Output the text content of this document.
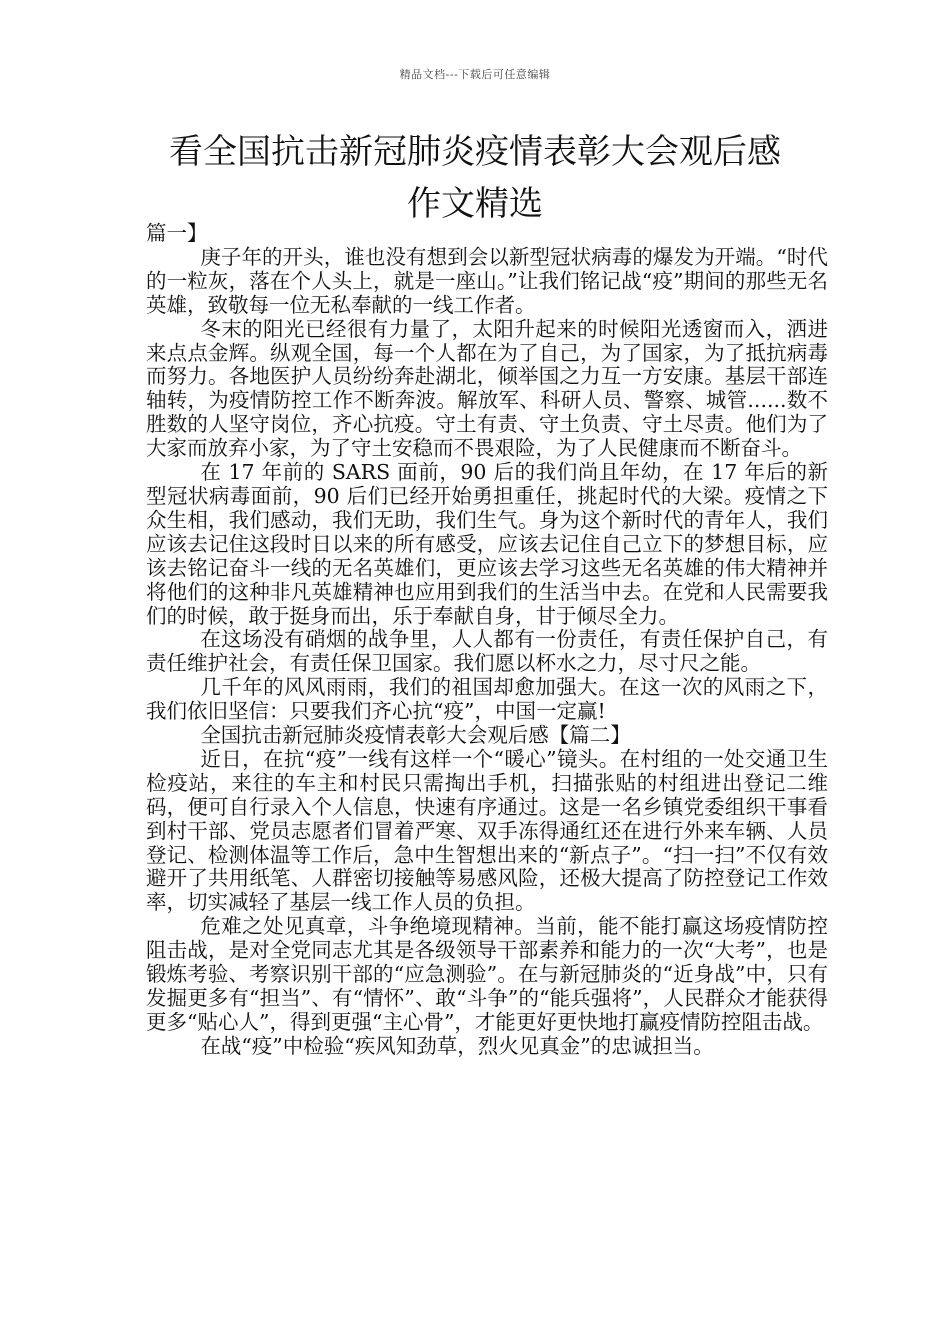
精品文档---下载后可任意编辑
看全国抗击新冠肺炎疫情表彰大会观后感
作文精选

篇一】

庚子年的开头，谁也没有想到会以新型冠状病毒的爆发为开端。“时代的一粒灰，落在个人头上，就是一座山。”让我们铭记战“疫”期间的那些无名英雄，致敬每一位无私奉献的一线工作者。

冬末的阳光已经很有力量了，太阳升起来的时候阳光透窗而入，洒进来点点金辉。纵观全国，每一个人都在为了自己，为了国家，为了抵抗病毒而努力。各地医护人员纷纷奔赴湖北，倾举国之力互一方安康。基层干部连轴转，为疫情防控工作不断奔波。解放军、科研人员、警察、城管......数不胜数的人坚守岗位，齐心抗疫。守土有责、守土负责、守土尽责。他们为了大家而放弃小家，为了守土安稳而不畏艰险，为了人民健康而不断奋斗。

在 17 年前的 SARS 面前，90 后的我们尚且年幼，在 17 年后的新型冠状病毒面前，90 后们已经开始勇担重任，挑起时代的大梁。疫情之下众生相，我们感动，我们无助，我们生气。身为这个新时代的青年人，我们应该去记住这段时日以来的所有感受，应该去记住自己立下的梦想目标，应该去铭记奋斗一线的无名英雄们，更应该去学习这些无名英雄的伟大精神并将他们的这种非凡英雄精神也应用到我们的生活当中去。在党和人民需要我们的时候，敢于挺身而出，乐于奉献自身，甘于倾尽全力。

在这场没有硝烟的战争里，人人都有一份责任，有责任保护自己，有责任维护社会，有责任保卫国家。我们愿以杯水之力，尽寸尺之能。

几千年的风风雨雨，我们的祖国却愈加强大。在这一次的风雨之下，我们依旧坚信：只要我们齐心抗“疫”，中国一定赢!

全国抗击新冠肺炎疫情表彰大会观后感【篇二】

近日，在抗“疫”一线有这样一个“暖心”镜头。在村组的一处交通卫生检疫站，来往的车主和村民只需掏出手机，扫描张贴的村组进出登记二维码，便可自行录入个人信息，快速有序通过。这是一名乡镇党委组织干事看到村干部、党员志愿者们冒着严寒、双手冻得通红还在进行外来车辆、人员登记、检测体温等工作后，急中生智想出来的“新点子”。“扫一扫”不仅有效避开了共用纸笔、人群密切接触等易感风险，还极大提高了防控登记工作效率，切实减轻了基层一线工作人员的负担。

危难之处见真章，斗争绝境现精神。当前，能不能打赢这场疫情防控阻击战，是对全党同志尤其是各级领导干部素养和能力的一次“大考”，也是锻炼考验、考察识别干部的“应急测验”。在与新冠肺炎的“近身战”中，只有发掘更多有“担当”、有“情怀”、敢“斗争”的“能兵强将”，人民群众才能获得更多“贴心人”，得到更强“主心骨”，才能更好更快地打赢疫情防控阻击战。

在战“疫”中检验“疾风知劲草，烈火见真金”的忠诚担当。
